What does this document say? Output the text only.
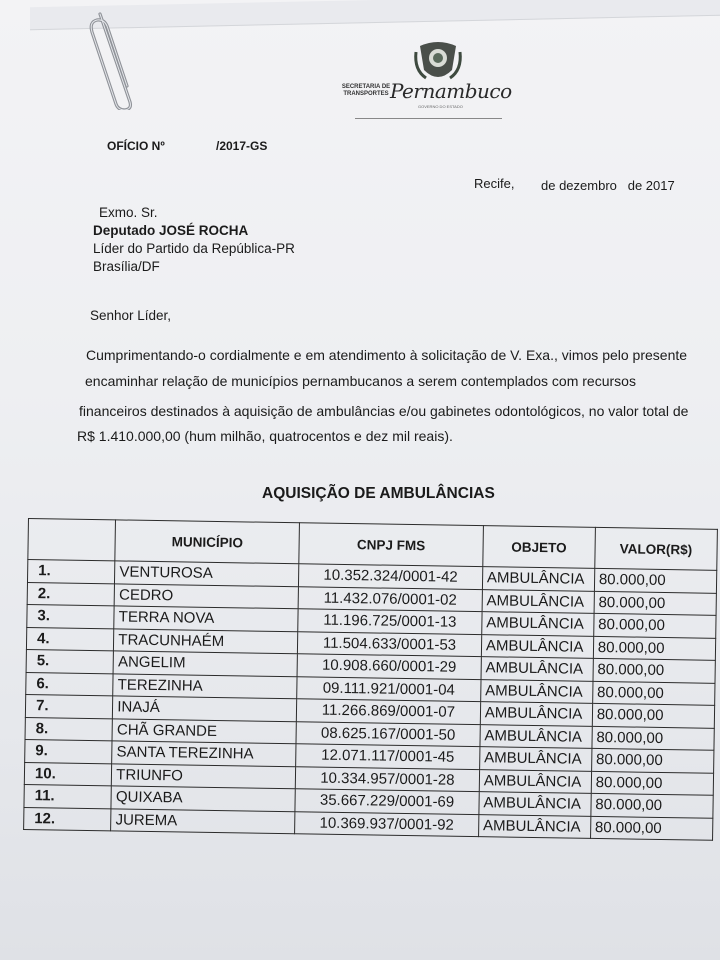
SECRETARIA DE TRANSPORTES Pernambuco
GOVERNO DO ESTADO
OFÍCIO Nº	/2017-GS
Recife, de dezembro   de 2017
Exmo. Sr.
Deputado JOSÉ ROCHA
Líder do Partido da República-PR
Brasília/DF
Senhor Líder,
Cumprimentando-o cordialmente e em atendimento à solicitação de V. Exa., vimos pelo presente
encaminhar relação de municípios pernambucanos a serem contemplados com recursos
financeiros destinados à aquisição de ambulâncias e/ou gabinetes odontológicos, no valor total de
R$ 1.410.000,00 (hum milhão, quatrocentos e dez mil reais).
AQUISIÇÃO DE AMBULÂNCIAS
	MUNICÍPIO	CNPJ FMS	OBJETO	VALOR(R$)
1.	VENTUROSA	10.352.324/0001-42	AMBULÂNCIA	80.000,00
2.	CEDRO	11.432.076/0001-02	AMBULÂNCIA	80.000,00
3.	TERRA NOVA	11.196.725/0001-13	AMBULÂNCIA	80.000,00
4.	TRACUNHAÉM	11.504.633/0001-53	AMBULÂNCIA	80.000,00
5.	ANGELIM	10.908.660/0001-29	AMBULÂNCIA	80.000,00
6.	TEREZINHA	09.111.921/0001-04	AMBULÂNCIA	80.000,00
7.	INAJÁ	11.266.869/0001-07	AMBULÂNCIA	80.000,00
8.	CHÃ GRANDE	08.625.167/0001-50	AMBULÂNCIA	80.000,00
9.	SANTA TEREZINHA	12.071.117/0001-45	AMBULÂNCIA	80.000,00
10.	TRIUNFO	10.334.957/0001-28	AMBULÂNCIA	80.000,00
11.	QUIXABA	35.667.229/0001-69	AMBULÂNCIA	80.000,00
12.	JUREMA	10.369.937/0001-92	AMBULÂNCIA	80.000,00
